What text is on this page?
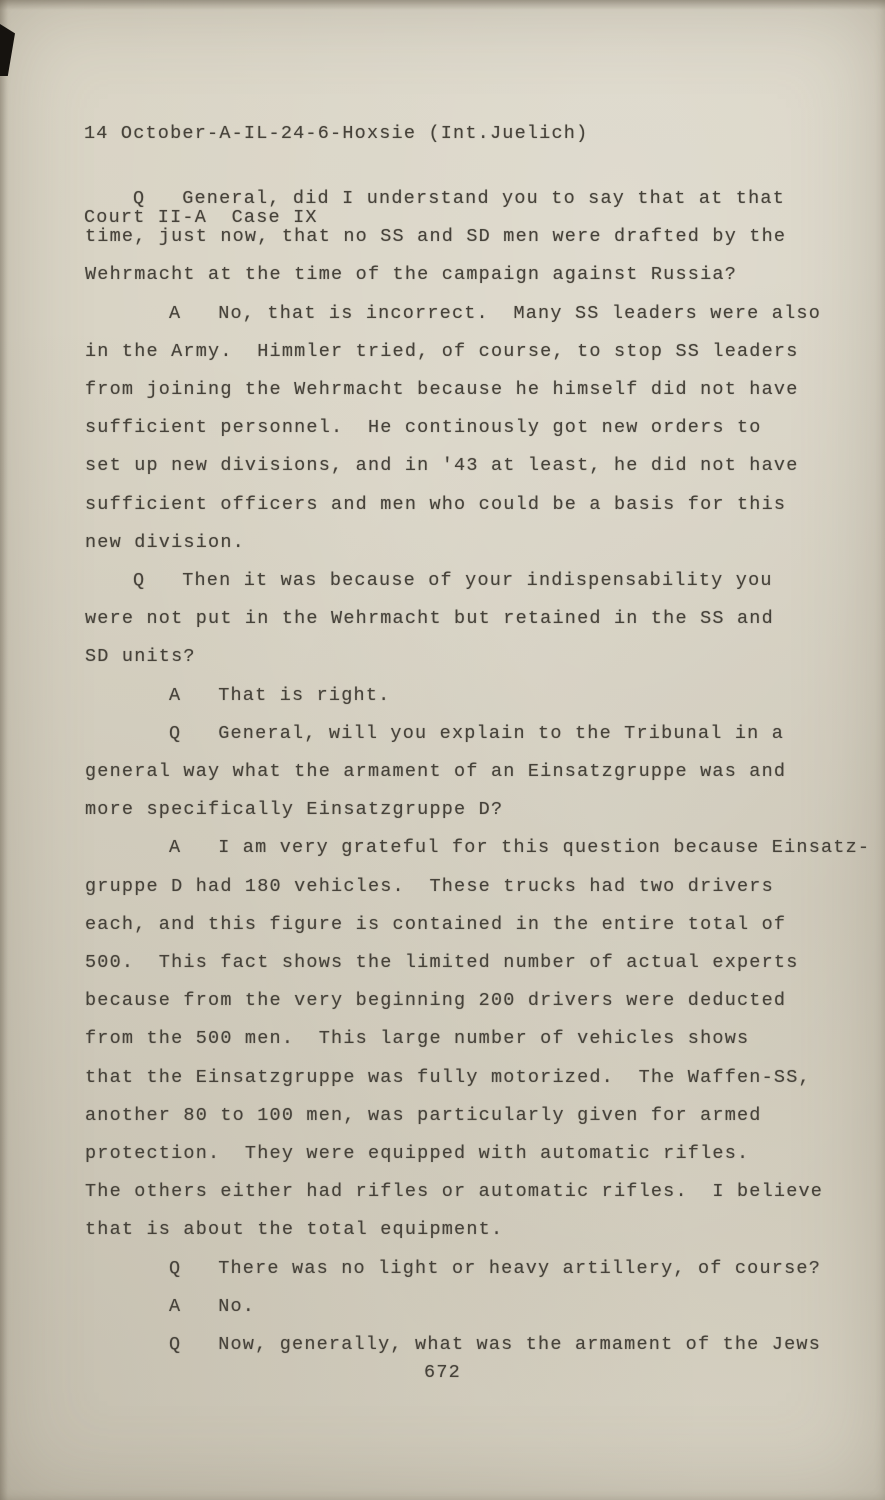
14 October-A-IL-24-6-Hoxsie (Int.Juelich)

Court II-A  Case IX

Q   General, did I understand you to say that at that
time, just now, that no SS and SD men were drafted by the
Wehrmacht at the time of the campaign against Russia?
A   No, that is incorrect.  Many SS leaders were also
in the Army.  Himmler tried, of course, to stop SS leaders
from joining the Wehrmacht because he himself did not have
sufficient personnel.  He continously got new orders to
set up new divisions, and in '43 at least, he did not have
sufficient officers and men who could be a basis for this
new division.
Q   Then it was because of your indispensability you
were not put in the Wehrmacht but retained in the SS and
SD units?
A   That is right.
Q   General, will you explain to the Tribunal in a
general way what the armament of an Einsatzgruppe was and
more specifically Einsatzgruppe D?
A   I am very grateful for this question because Einsatz-
gruppe D had 180 vehicles.  These trucks had two drivers
each, and this figure is contained in the entire total of
500.  This fact shows the limited number of actual experts
because from the very beginning 200 drivers were deducted
from the 500 men.  This large number of vehicles shows
that the Einsatzgruppe was fully motorized.  The Waffen-SS,
another 80 to 100 men, was particularly given for armed
protection.  They were equipped with automatic rifles.
The others either had rifles or automatic rifles.  I believe
that is about the total equipment.
Q   There was no light or heavy artillery, of course?
A   No.
Q   Now, generally, what was the armament of the Jews
672
